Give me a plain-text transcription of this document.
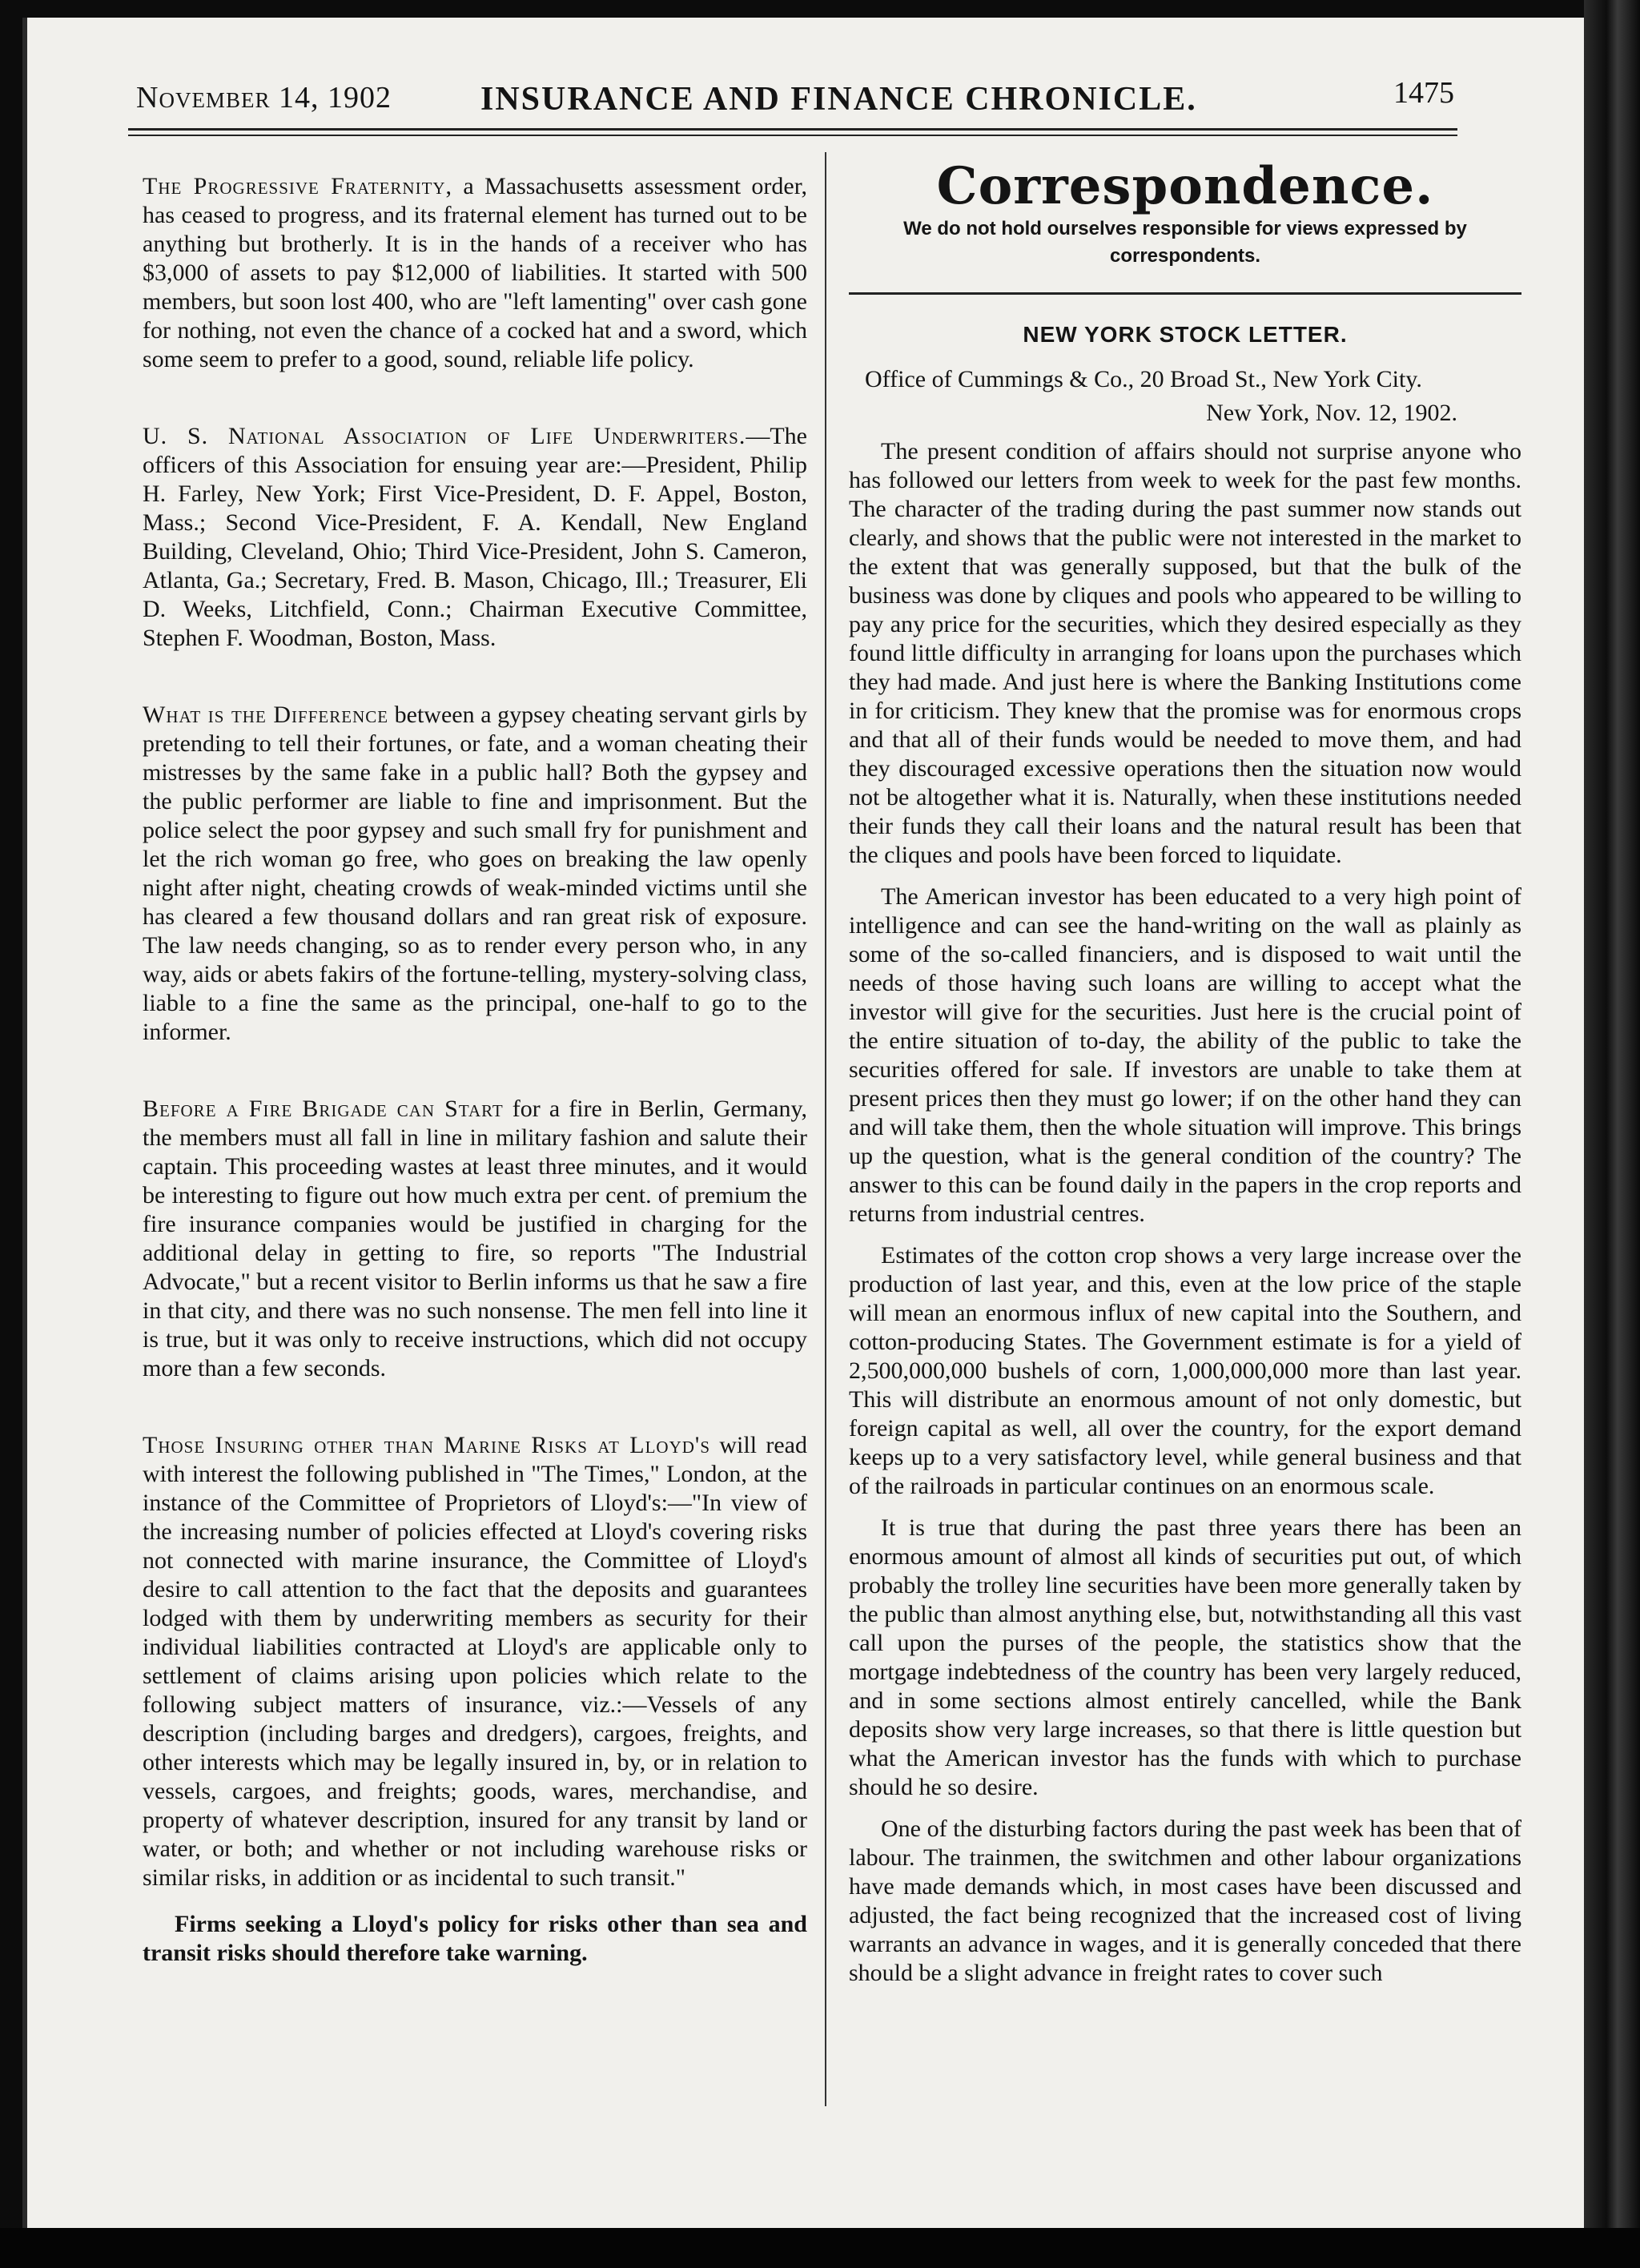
November 14, 1902	INSURANCE AND FINANCE CHRONICLE.	1475

The Progressive Fraternity, a Massachusetts assessment order, has ceased to progress, and its fraternal element has turned out to be anything but brotherly. It is in the hands of a receiver who has $3,000 of assets to pay $12,000 of liabilities. It started with 500 members, but soon lost 400, who are "left lamenting" over cash gone for nothing, not even the chance of a cocked hat and a sword, which some seem to prefer to a good, sound, reliable life policy.

U. S. National Association of Life Underwriters.—The officers of this Association for ensuing year are:—President, Philip H. Farley, New York; First Vice-President, D. F. Appel, Boston, Mass.; Second Vice-President, F. A. Kendall, New England Building, Cleveland, Ohio; Third Vice-President, John S. Cameron, Atlanta, Ga.; Secretary, Fred. B. Mason, Chicago, Ill.; Treasurer, Eli D. Weeks, Litchfield, Conn.; Chairman Executive Committee, Stephen F. Woodman, Boston, Mass.

What is the Difference between a gypsey cheating servant girls by pretending to tell their fortunes, or fate, and a woman cheating their mistresses by the same fake in a public hall? Both the gypsey and the public performer are liable to fine and imprisonment. But the police select the poor gypsey and such small fry for punishment and let the rich woman go free, who goes on breaking the law openly night after night, cheating crowds of weak-minded victims until she has cleared a few thousand dollars and ran great risk of exposure. The law needs changing, so as to render every person who, in any way, aids or abets fakirs of the fortune-telling, mystery-solving class, liable to a fine the same as the principal, one-half to go to the informer.

Before a Fire Brigade can Start for a fire in Berlin, Germany, the members must all fall in line in military fashion and salute their captain. This proceeding wastes at least three minutes, and it would be interesting to figure out how much extra per cent. of premium the fire insurance companies would be justified in charging for the additional delay in getting to fire, so reports "The Industrial Advocate," but a recent visitor to Berlin informs us that he saw a fire in that city, and there was no such nonsense. The men fell into line it is true, but it was only to receive instructions, which did not occupy more than a few seconds.

Those Insuring other than Marine Risks at Lloyd's will read with interest the following published in "The Times," London, at the instance of the Committee of Proprietors of Lloyd's:—"In view of the increasing number of policies effected at Lloyd's covering risks not connected with marine insurance, the Committee of Lloyd's desire to call attention to the fact that the deposits and guarantees lodged with them by underwriting members as security for their individual liabilities contracted at Lloyd's are applicable only to settlement of claims arising upon policies which relate to the following subject matters of insurance, viz.:—Vessels of any description (including barges and dredgers), cargoes, freights, and other interests which may be legally insured in, by, or in relation to vessels, cargoes, and freights; goods, wares, merchandise, and property of whatever description, insured for any transit by land or water, or both; and whether or not including warehouse risks or similar risks, in addition or as incidental to such transit."

Firms seeking a Lloyd's policy for risks other than sea and transit risks should therefore take warning.

Correspondence.
We do not hold ourselves responsible for views expressed by correspondents.
NEW YORK STOCK LETTER.
Office of Cummings & Co., 20 Broad St., New York City.
New York, Nov. 12, 1902.

The present condition of affairs should not surprise anyone who has followed our letters from week to week for the past few months. The character of the trading during the past summer now stands out clearly, and shows that the public were not interested in the market to the extent that was generally supposed, but that the bulk of the business was done by cliques and pools who appeared to be willing to pay any price for the securities, which they desired especially as they found little difficulty in arranging for loans upon the purchases which they had made. And just here is where the Banking Institutions come in for criticism. They knew that the promise was for enormous crops and that all of their funds would be needed to move them, and had they discouraged excessive operations then the situation now would not be altogether what it is. Naturally, when these institutions needed their funds they call their loans and the natural result has been that the cliques and pools have been forced to liquidate.

The American investor has been educated to a very high point of intelligence and can see the hand-writing on the wall as plainly as some of the so-called financiers, and is disposed to wait until the needs of those having such loans are willing to accept what the investor will give for the securities. Just here is the crucial point of the entire situation of to-day, the ability of the public to take the securities offered for sale. If investors are unable to take them at present prices then they must go lower; if on the other hand they can and will take them, then the whole situation will improve. This brings up the question, what is the general condition of the country? The answer to this can be found daily in the papers in the crop reports and returns from industrial centres.

Estimates of the cotton crop shows a very large increase over the production of last year, and this, even at the low price of the staple will mean an enormous influx of new capital into the Southern, and cotton-producing States. The Government estimate is for a yield of 2,500,000,000 bushels of corn, 1,000,000,000 more than last year. This will distribute an enormous amount of not only domestic, but foreign capital as well, all over the country, for the export demand keeps up to a very satisfactory level, while general business and that of the railroads in particular continues on an enormous scale.

It is true that during the past three years there has been an enormous amount of almost all kinds of securities put out, of which probably the trolley line securities have been more generally taken by the public than almost anything else, but, notwithstanding all this vast call upon the purses of the people, the statistics show that the mortgage indebtedness of the country has been very largely reduced, and in some sections almost entirely cancelled, while the Bank deposits show very large increases, so that there is little question but what the American investor has the funds with which to purchase should he so desire.

One of the disturbing factors during the past week has been that of labour. The trainmen, the switchmen and other labour organizations have made demands which, in most cases have been discussed and adjusted, the fact being recognized that the increased cost of living warrants an advance in wages, and it is generally conceded that there should be a slight advance in freight rates to cover such
